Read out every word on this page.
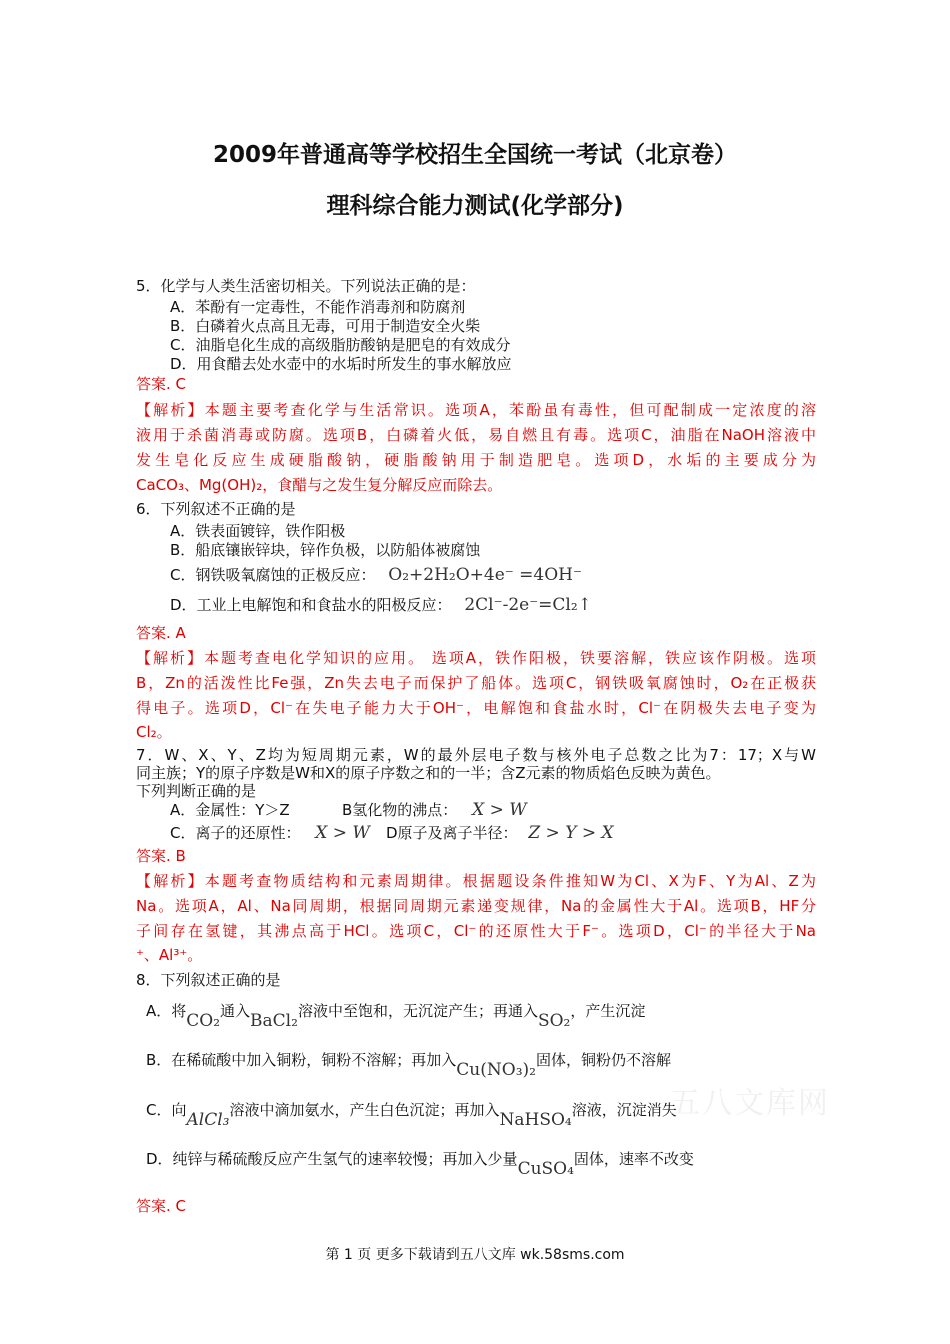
2009年普通高等学校招生全国统一考试（北京卷）
理科综合能力测试(化学部分)
5．化学与人类生活密切相关。下列说法正确的是：
A．苯酚有一定毒性，不能作消毒剂和防腐剂
B．白磷着火点高且无毒，可用于制造安全火柴
C．油脂皂化生成的高级脂肪酸钠是肥皂的有效成分
D．用食醋去处水壶中的水垢时所发生的事水解放应
答案. C
【解析】本题主要考查化学与生活常识。选项A，苯酚虽有毒性，但可配制成一定浓度的溶
液用于杀菌消毒或防腐。选项B，白磷着火低，易自燃且有毒。选项C，油脂在NaOH溶液中
发生皂化反应生成硬脂酸钠，硬脂酸钠用于制造肥皂。选项D，水垢的主要成分为
CaCO₃、Mg(OH)₂，食醋与之发生复分解反应而除去。
6．下列叙述不正确的是
A．铁表面镀锌，铁作阳极
B．船底镶嵌锌块，锌作负极，以防船体被腐蚀
C．钢铁吸氧腐蚀的正极反应： O₂+2H₂O+4e⁻ =4OH⁻
D．工业上电解饱和和食盐水的阳极反应： 2Cl⁻-2e⁻=Cl₂↑
答案. A
【解析】本题考查电化学知识的应用。 选项A，铁作阳极，铁要溶解，铁应该作阴极。选项
B，Zn的活泼性比Fe强，Zn失去电子而保护了船体。选项C，钢铁吸氧腐蚀时，O₂在正极获
得电子。选项D，Cl⁻在失电子能力大于OH⁻，电解饱和食盐水时，Cl⁻在阴极失去电子变为
Cl₂。
7．W、X、Y、Z均为短周期元素，W的最外层电子数与核外电子总数之比为7：17；X与W
同主族；Y的原子序数是W和X的原子序数之和的一半；含Z元素的物质焰色反映为黄色。
下列判断正确的是
A．金属性：Y＞Z	B氢化物的沸点： X > W
C．离子的还原性： X > W D原子及离子半径： Z > Y > X
答案. B
【解析】本题考查物质结构和元素周期律。根据题设条件推知W为Cl、X为F、Y为Al、Z为
Na。选项A，Al、Na同周期，根据同周期元素递变规律，Na的金属性大于Al。选项B，HF分
子间存在氢键，其沸点高于HCl。选项C，Cl⁻的还原性大于F⁻。选项D，Cl⁻的半径大于Na
⁺、Al³⁺。
8．下列叙述正确的是
A．将CO₂通入BaCl₂溶液中至饱和，无沉淀产生；再通入SO₂，产生沉淀
B．在稀硫酸中加入铜粉，铜粉不溶解；再加入Cu(NO₃)₂固体，铜粉仍不溶解
C．向AlCl₃溶液中滴加氨水，产生白色沉淀；再加入NaHSO₄溶液，沉淀消失
D．纯锌与稀硫酸反应产生氢气的速率较慢；再加入少量CuSO₄固体，速率不改变
答案. C
五八文库网
第 1 页 更多下载请到五八文库 wk.58sms.com
